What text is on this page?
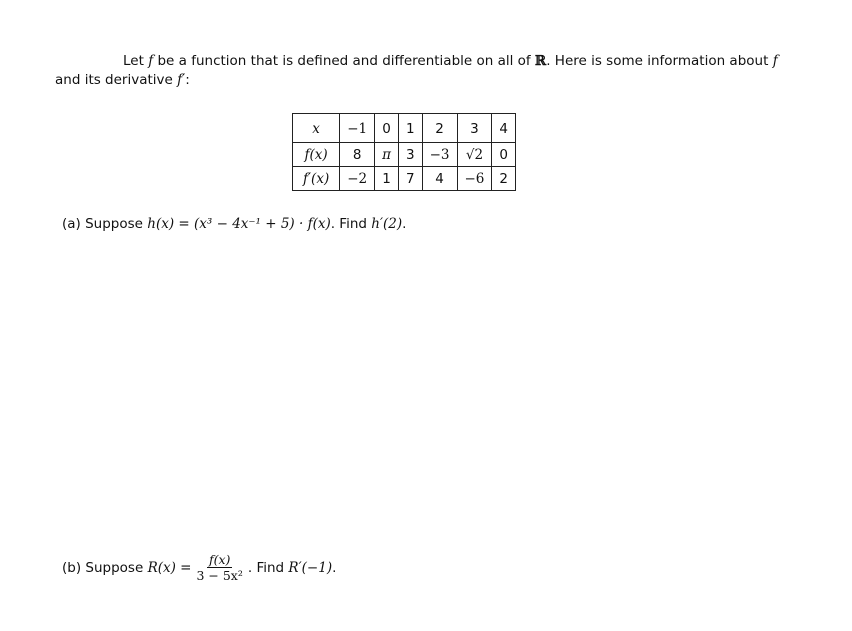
Let f be a function that is defined and differentiable on all of ℝ. Here is some information about f
and its derivative f′:
x	−1	0	1	2	3	4
f(x)	8	π	3	−3	√2	0
f′(x)	−2	1	7	4	−6	2
(a) Suppose h(x) = (x³ − 4x⁻¹ + 5) · f(x). Find h′(2).
(b) Suppose
R(x)
= $\frac{f(x)}{\text{3 − 5x²}}$ . Find
R′(−1) .
